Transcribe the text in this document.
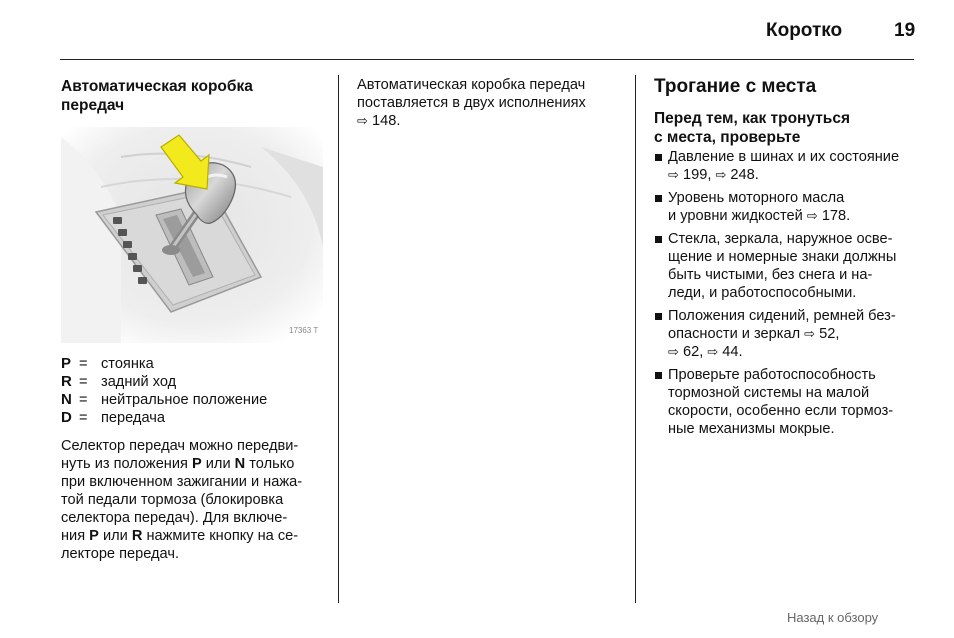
Коротко	19
Автоматическая коробка
передач
17363 T
P = стоянка
R = задний ход
N = нейтральное положение
D = передача
Селектор передач можно передви-
нуть из положения P или N только
при включенном зажигании и нажа-
той педали тормоза (блокировка
селектора передач). Для включе-
ния P или R нажмите кнопку на се-
лекторе передач.
Автоматическая коробка передач
поставляется в двух исполнениях
⇨ 148.
Трогание с места
Перед тем, как тронуться
с места, проверьте
Давление в шинах и их состояние
⇨ 199, ⇨ 248.
Уровень моторного масла
и уровни жидкостей ⇨ 178.
Стекла, зеркала, наружное осве-
щение и номерные знаки должны
быть чистыми, без снега и на-
леди, и работоспособными.
Положения сидений, ремней без-
опасности и зеркал ⇨ 52,
⇨ 62, ⇨ 44.
Проверьте работоспособность
тормозной системы на малой
скорости, особенно если тормоз-
ные механизмы мокрые.
Назад к обзору
